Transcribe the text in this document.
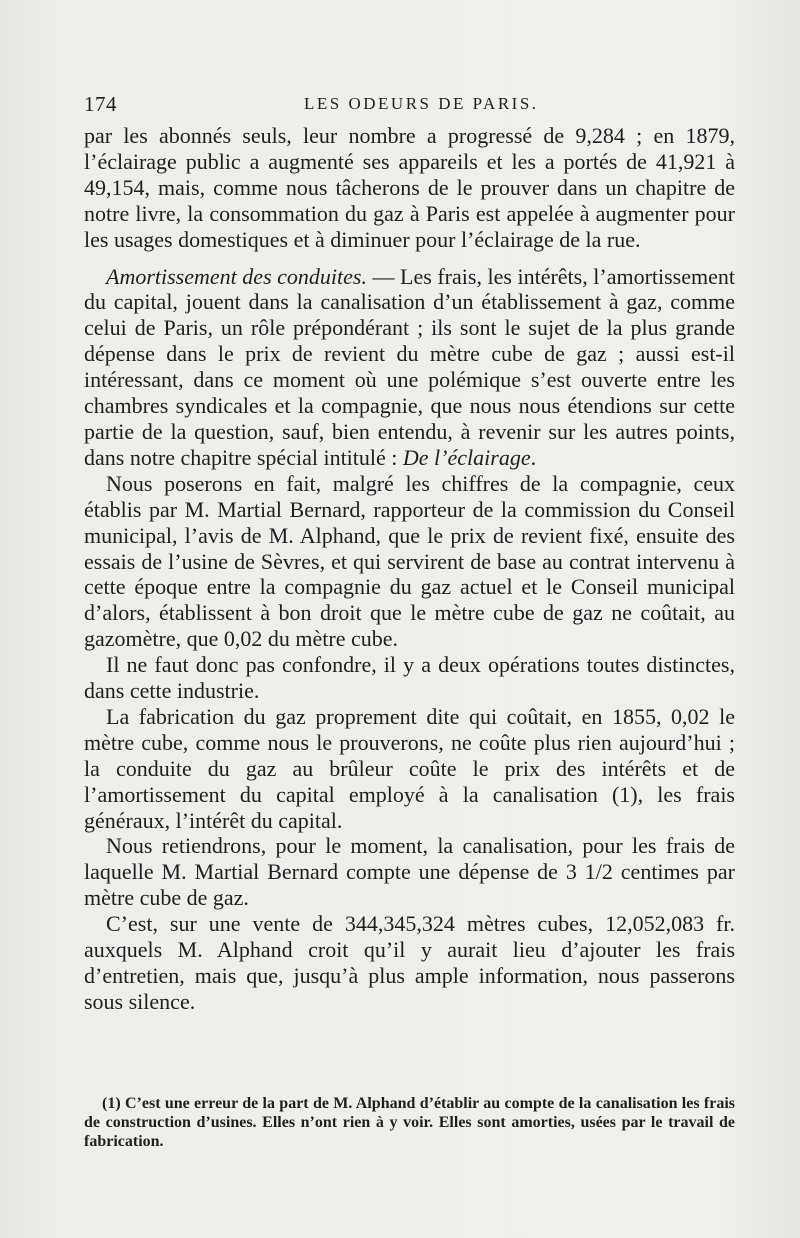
174	LES ODEURS DE PARIS.

par les abonnés seuls, leur nombre a progressé de 9,284 ; en 1879, l’éclairage public a augmenté ses appareils et les a portés de 41,921 à 49,154, mais, comme nous tâcherons de le prouver dans un chapitre de notre livre, la consommation du gaz à Paris est appelée à augmenter pour les usages domestiques et à diminuer pour l’éclairage de la rue.

Amortissement des conduites. — Les frais, les intérêts, l’amortissement du capital, jouent dans la canalisation d’un établissement à gaz, comme celui de Paris, un rôle prépondérant ; ils sont le sujet de la plus grande dépense dans le prix de revient du mètre cube de gaz ; aussi est-il intéressant, dans ce moment où une polémique s’est ouverte entre les chambres syndicales et la compagnie, que nous nous étendions sur cette partie de la question, sauf, bien entendu, à revenir sur les autres points, dans notre chapitre spécial intitulé : De l’éclairage.

Nous poserons en fait, malgré les chiffres de la compagnie, ceux établis par M. Martial Bernard, rapporteur de la commission du Conseil municipal, l’avis de M. Alphand, que le prix de revient fixé, ensuite des essais de l’usine de Sèvres, et qui servirent de base au contrat intervenu à cette époque entre la compagnie du gaz actuel et le Conseil municipal d’alors, établissent à bon droit que le mètre cube de gaz ne coûtait, au gazomètre, que 0,02 du mètre cube.

Il ne faut donc pas confondre, il y a deux opérations toutes distinctes, dans cette industrie.

La fabrication du gaz proprement dite qui coûtait, en 1855, 0,02 le mètre cube, comme nous le prouverons, ne coûte plus rien aujourd’hui ; la conduite du gaz au brûleur coûte le prix des intérêts et de l’amortissement du capital employé à la canalisation (1), les frais généraux, l’intérêt du capital.

Nous retiendrons, pour le moment, la canalisation, pour les frais de laquelle M. Martial Bernard compte une dépense de 3 1/2 centimes par mètre cube de gaz.

C’est, sur une vente de 344,345,324 mètres cubes, 12,052,083 fr. auxquels M. Alphand croit qu’il y aurait lieu d’ajouter les frais d’entretien, mais que, jusqu’à plus ample information, nous passerons sous silence.

(1) C’est une erreur de la part de M. Alphand d’établir au compte de la canalisation les frais de construction d’usines. Elles n’ont rien à y voir. Elles sont amorties, usées par le travail de fabrication.
